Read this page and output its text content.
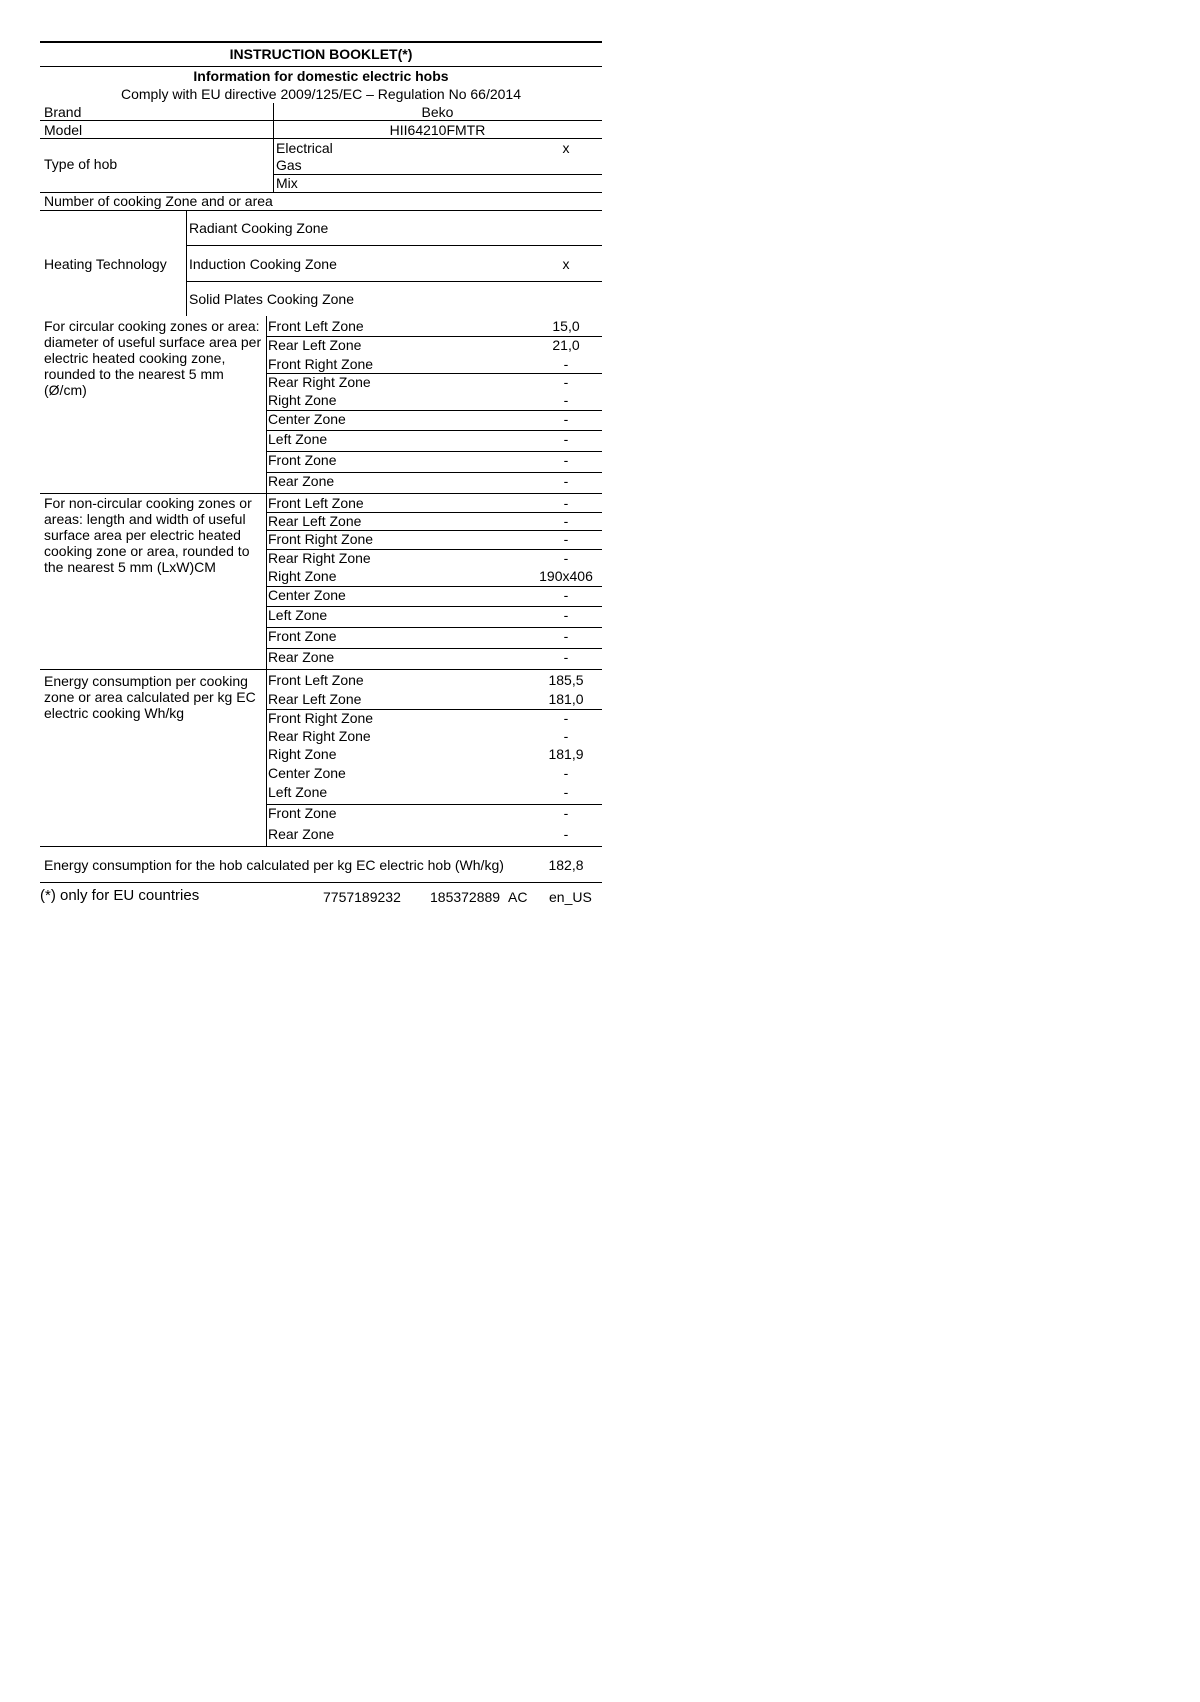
INSTRUCTION BOOKLET(*)
Information for domestic electric hobs
Comply with EU directive 2009/125/EC – Regulation No 66/2014
Brand	Beko
Model	HII64210FMTR
Type of hob
Electrical	x
Gas
Mix
Number of cooking Zone and or area
Heating Technology
Radiant Cooking Zone
Induction Cooking Zone	x
Solid Plates Cooking Zone
For circular cooking zones or area: diameter of useful surface area per electric heated cooking zone, rounded to the nearest 5 mm (Ø/cm)
Front Left Zone	15,0
Rear Left Zone	21,0
Front Right Zone	-
Rear Right Zone	-
Right Zone	-
Center Zone	-
Left Zone	-
Front Zone	-
Rear Zone	-
For non-circular cooking zones or areas: length and width of useful surface area per electric heated cooking zone or area, rounded to the nearest 5 mm (LxW)CM
Front Left Zone	-
Rear Left Zone	-
Front Right Zone	-
Rear Right Zone	-
Right Zone	190x406
Center Zone	-
Left Zone	-
Front Zone	-
Rear Zone	-
Energy consumption per cooking zone or area calculated per kg EC electric cooking Wh/kg
Front Left Zone	185,5
Rear Left Zone	181,0
Front Right Zone	-
Rear Right Zone	-
Right Zone	181,9
Center Zone	-
Left Zone	-
Front Zone	-
Rear Zone	-
Energy consumption for the hob calculated per kg EC electric hob (Wh/kg)	182,8
(*) only for EU countries	7757189232 185372889 AC en_US
